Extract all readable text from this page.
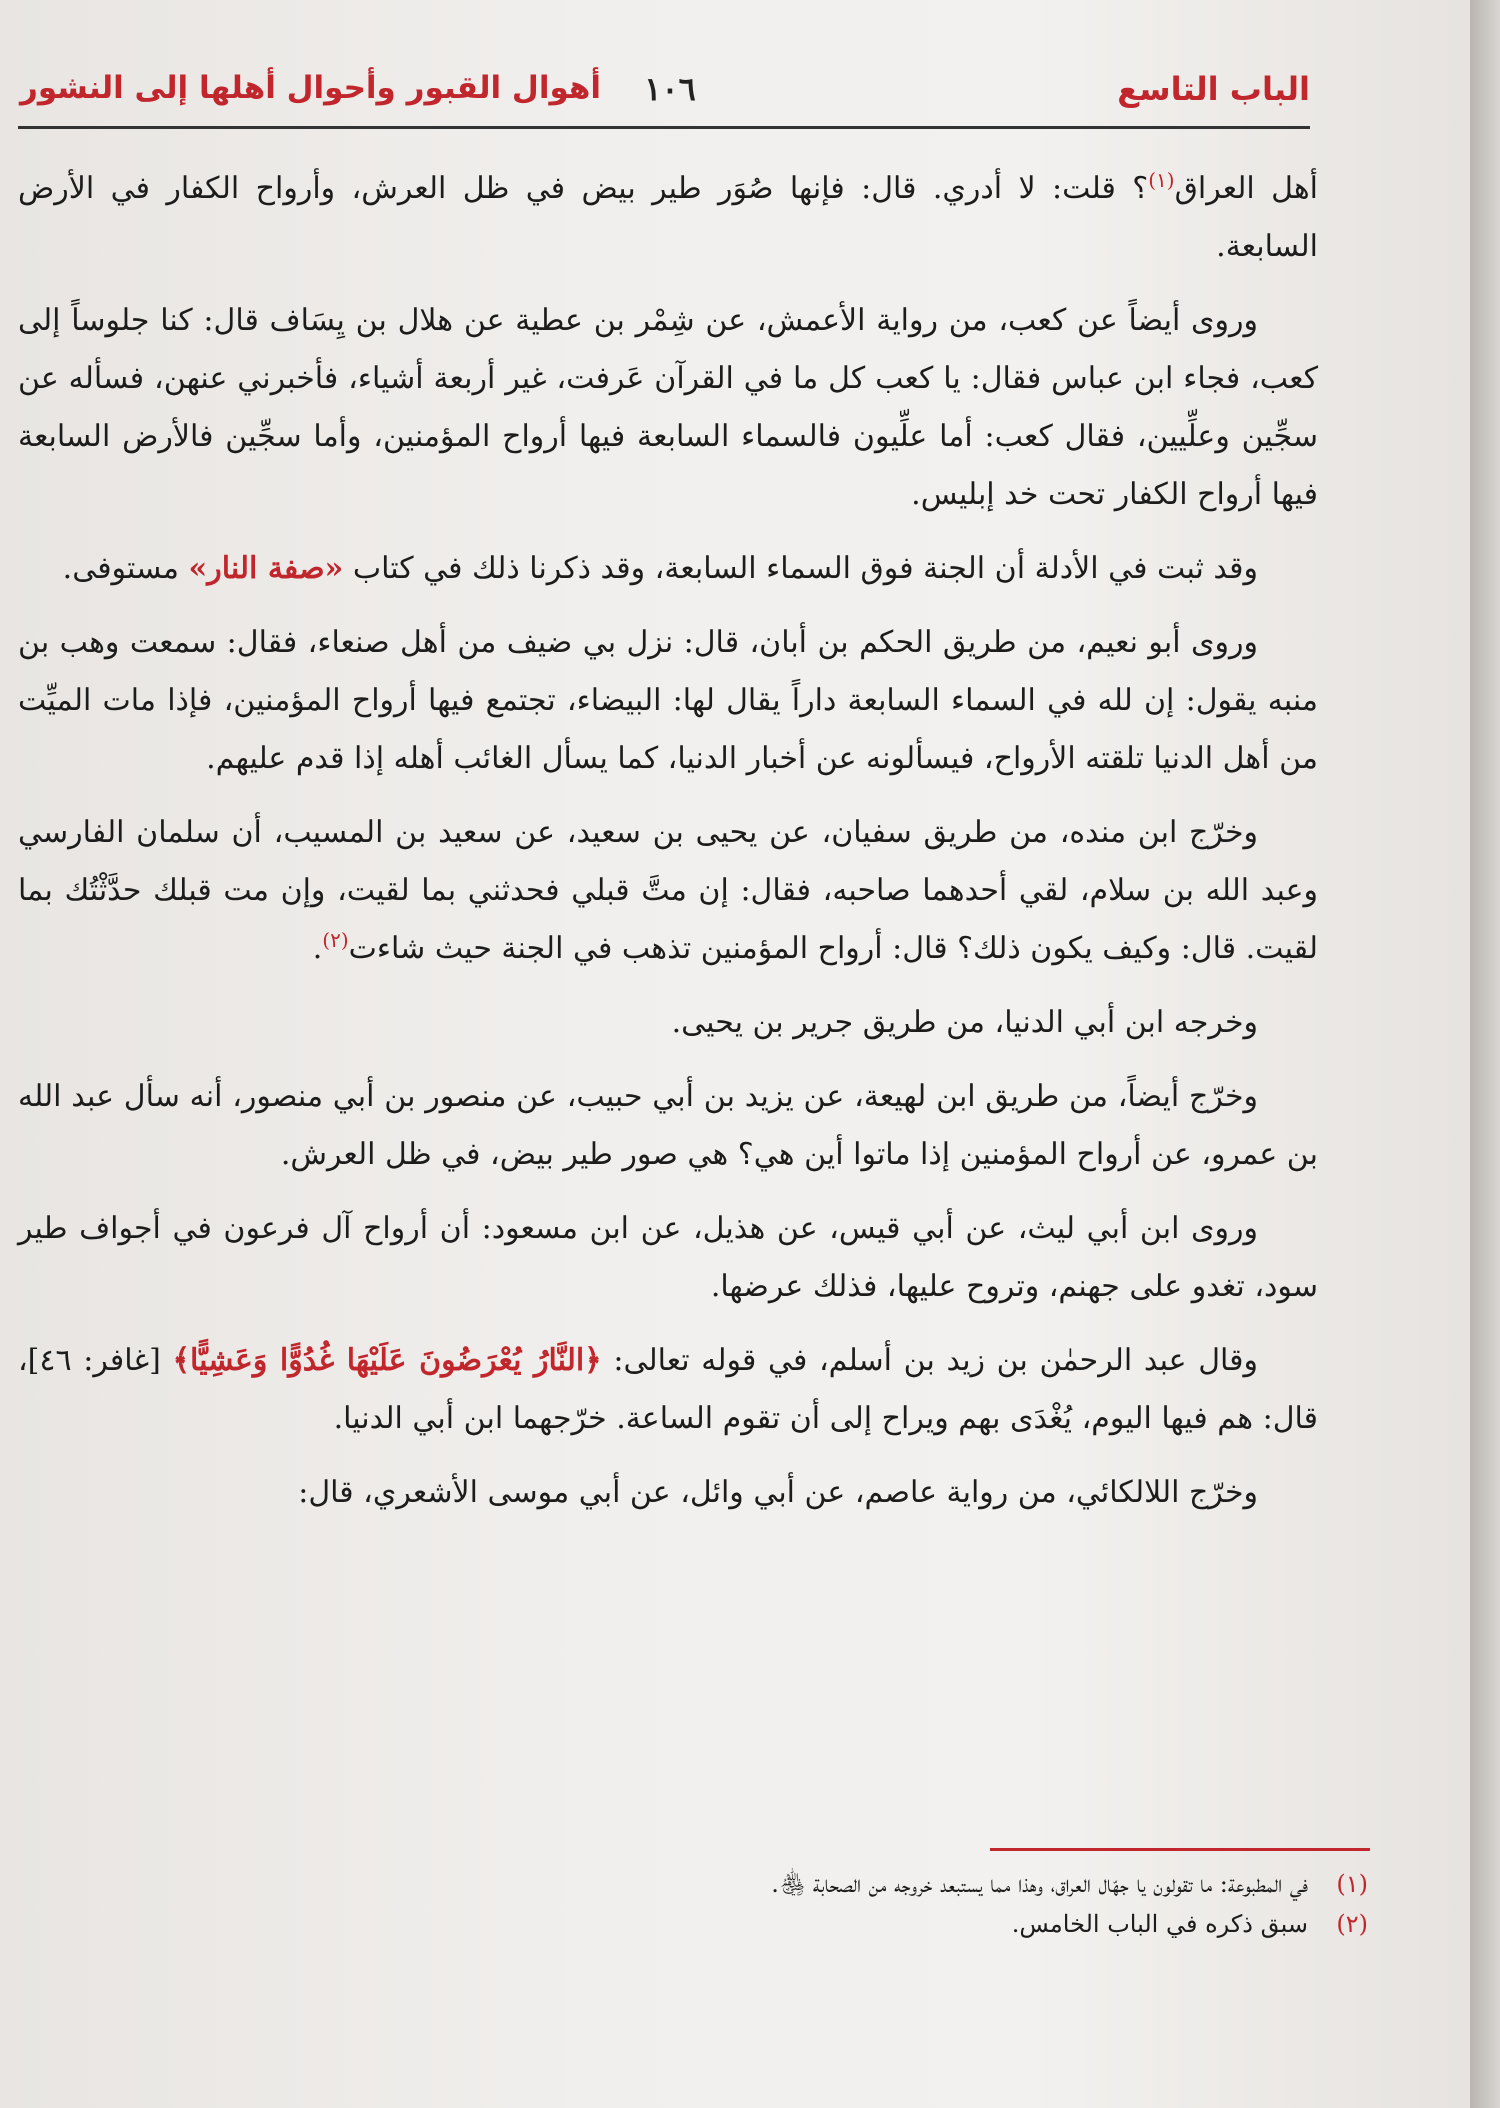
الباب التاسع
١٠٦
أهوال القبور وأحوال أهلها إلى النشور

أهل العراق$^{(١)}$؟ قلت: لا أدري. قال: فإنها صُوَر طير بيض في ظل العرش، وأرواح الكفار في الأرض السابعة.

وروى أيضاً عن كعب، من رواية الأعمش، عن شِمْر بن عطية عن هلال بن يِسَاف قال: كنا جلوساً إلى كعب، فجاء ابن عباس فقال: يا كعب كل ما في القرآن عَرفت، غير أربعة أشياء، فأخبرني عنهن، فسأله عن سجِّين وعلِّيين، فقال كعب: أما علِّيون فالسماء السابعة فيها أرواح المؤمنين، وأما سجِّين فالأرض السابعة فيها أرواح الكفار تحت خد إبليس.

وقد ثبت في الأدلة أن الجنة فوق السماء السابعة، وقد ذكرنا ذلك في كتاب «صفة النار» مستوفى.

وروى أبو نعيم، من طريق الحكم بن أبان، قال: نزل بي ضيف من أهل صنعاء، فقال: سمعت وهب بن منبه يقول: إن لله في السماء السابعة داراً يقال لها: البيضاء، تجتمع فيها أرواح المؤمنين، فإذا مات الميِّت من أهل الدنيا تلقته الأرواح، فيسألونه عن أخبار الدنيا، كما يسأل الغائب أهله إذا قدم عليهم.

وخرّج ابن منده، من طريق سفيان، عن يحيى بن سعيد، عن سعيد بن المسيب، أن سلمان الفارسي وعبد الله بن سلام، لقي أحدهما صاحبه، فقال: إن متَّ قبلي فحدثني بما لقيت، وإن مت قبلك حدَّثْتُك بما لقيت. قال: وكيف يكون ذلك؟ قال: أرواح المؤمنين تذهب في الجنة حيث شاءت$^{(٢)}$.

وخرجه ابن أبي الدنيا، من طريق جرير بن يحيى.

وخرّج أيضاً، من طريق ابن لهيعة، عن يزيد بن أبي حبيب، عن منصور بن أبي منصور، أنه سأل عبد الله بن عمرو، عن أرواح المؤمنين إذا ماتوا أين هي؟ هي صور طير بيض، في ظل العرش.

وروى ابن أبي ليث، عن أبي قيس، عن هذيل، عن ابن مسعود: أن أرواح آل فرعون في أجواف طير سود، تغدو على جهنم، وتروح عليها، فذلك عرضها.

وقال عبد الرحمٰن بن زيد بن أسلم، في قوله تعالى: ﴿النَّارُ يُعْرَضُونَ عَلَيْهَا غُدُوًّا وَعَشِيًّا﴾ [غافر: ٤٦]، قال: هم فيها اليوم، يُغْدَى بهم ويراح إلى أن تقوم الساعة. خرّجهما ابن أبي الدنيا.

وخرّج اللالكائي، من رواية عاصم، عن أبي وائل، عن أبي موسى الأشعري، قال:

(١)في المطبوعة: ما تقولون يا جهّال العراق، وهذا مما يستبعد خروجه من الصحابة ﵃.

(٢)سبق ذكره في الباب الخامس.
